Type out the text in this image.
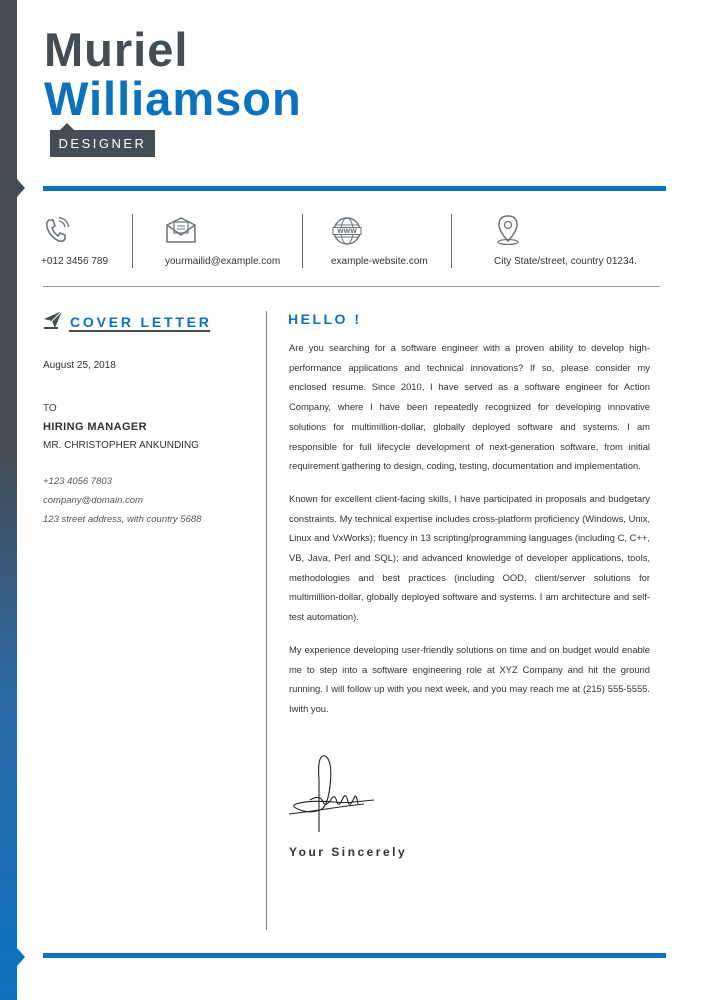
Muriel
Williamson
DESIGNER
+012 3456 789	yourmailid@example.com
WWW
example-website.com	City State/street, country 01234.
COVER LETTER
August 25, 2018
TO
HIRING MANAGER
MR. CHRISTOPHER ANKUNDING
+123 4056 7803
company@domain.com
123 street address, with country 5688
HELLO !

Are you searching for a software engineer with a proven ability to develop high-performance applications and technical innovations? If so, please consider my enclosed resume. Since 2010, I have served as a software engineer for Action Company, where I have been repeatedly recognized for developing innovative solutions for multimillion-dollar, globally deployed software and systems. I am responsible for full lifecycle development of next-generation software, from initial requirement gathering to design, coding, testing, documentation and implementation.

Known for excellent client-facing skills, I have participated in proposals and budgetary constraints. My technical expertise includes cross-platform proficiency (Windows, Unix, Linux and VxWorks); fluency in 13 scripting/programming languages (including C, C++, VB, Java, Perl and SQL); and advanced knowledge of developer applications, tools, methodologies and best practices (including OOD, client/server solutions for multimillion-dollar, globally deployed software and systems. I am architecture and self-test automation).

My experience developing user-friendly solutions on time and on budget would enable me to step into a software engineering role at XYZ Company and hit the ground running. I will follow up with you next week, and you may reach me at (215) 555-5555. Iwith you.

Your Sincerely
